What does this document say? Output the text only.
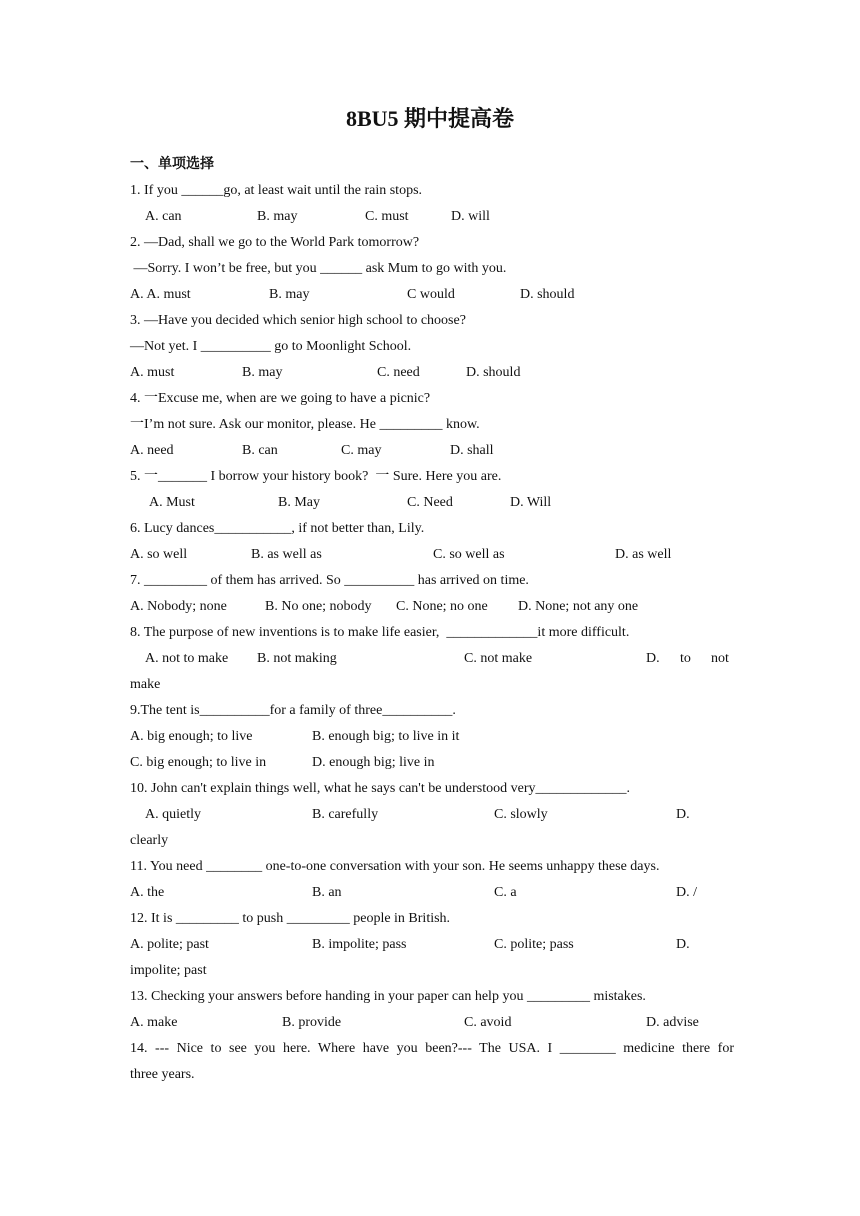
8BU5 期中提高卷
一、单项选择
1. If you ______go, at least wait until the rain stops.
A. can	B. may	C. must	D. will
2. —Dad, shall we go to the World Park tomorrow?
—Sorry. I won’t be free, but you ______ ask Mum to go with you.
A. A. must	B. may	C would	D. should
3. —Have you decided which senior high school to choose?
—Not yet. I __________ go to Moonlight School.
A. must	B. may	C. need	D. should
4. 一Excuse me, when are we going to have a picnic?
一I’m not sure. Ask our monitor, please. He _________ know.
A. need	B. can	C. may	D. shall
5. 一_______ I borrow your history book?  一 Sure. Here you are.
A. Must	B. May	C. Need	D. Will
6. Lucy dances___________, if not better than, Lily.
A. so well	B. as well as	C. so well as	D. as well
7. _________ of them has arrived. So __________ has arrived on time.
A. Nobody; none	B. No one; nobody C. None; no one D. None; not any one
8. The purpose of new inventions is to make life easier,  _____________it more difficult.
A. not to make B. not making	C. not make	D. to not
make
9.The tent is__________for a family of three__________.
A. big enough; to live	B. enough big; to live in it
C. big enough; to live in	D. enough big; live in
10. John can't explain things well, what he says can't be understood very_____________.
A. quietly	B. carefully	C. slowly	D.
clearly
11. You need ________ one-to-one conversation with your son. He seems unhappy these days.
A. the	B. an	C. a	D. /
12. It is _________ to push _________ people in British.
A. polite; past	B. impolite; pass	C. polite; pass	D.
impolite; past
13. Checking your answers before handing in your paper can help you _________ mistakes.
A. make	B. provide	C. avoid	D. advise
14. --- Nice to see you here. Where have you been?--- The USA. I ________ medicine there for
three years.
